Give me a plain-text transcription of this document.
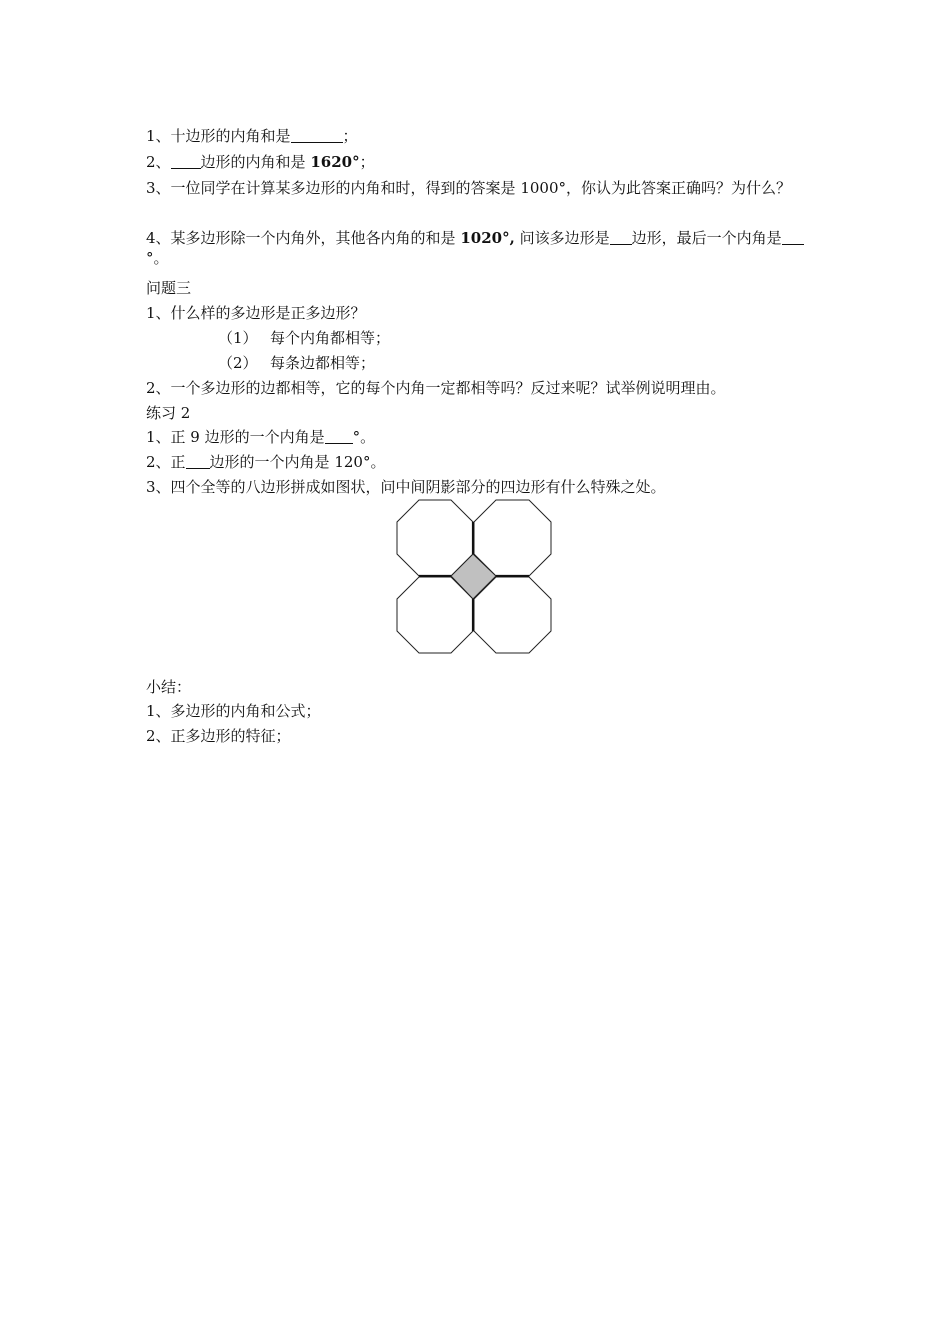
1、十边形的内角和是	；
2、 边形的内角和是 1620°；
3、一位同学在计算某多边形的内角和时，得到的答案是 1000°，你认为此答案正确吗？为什么？
4、某多边形除一个内角外，其他各内角的和是 1020°, 问该多边形是 边形，最后一个内角是°。
问题三
1、什么样的多边形是正多边形？
（1） 每个内角都相等；
（2） 每条边都相等；
2、一个多边形的边都相等，它的每个内角一定都相等吗？反过来呢？试举例说明理由。
练习 2
1、正 9 边形的一个内角是 °。
2、正 边形的一个内角是 120°。
3、四个全等的八边形拼成如图状，问中间阴影部分的四边形有什么特殊之处。
小结：
1、多边形的内角和公式；
2、正多边形的特征；
